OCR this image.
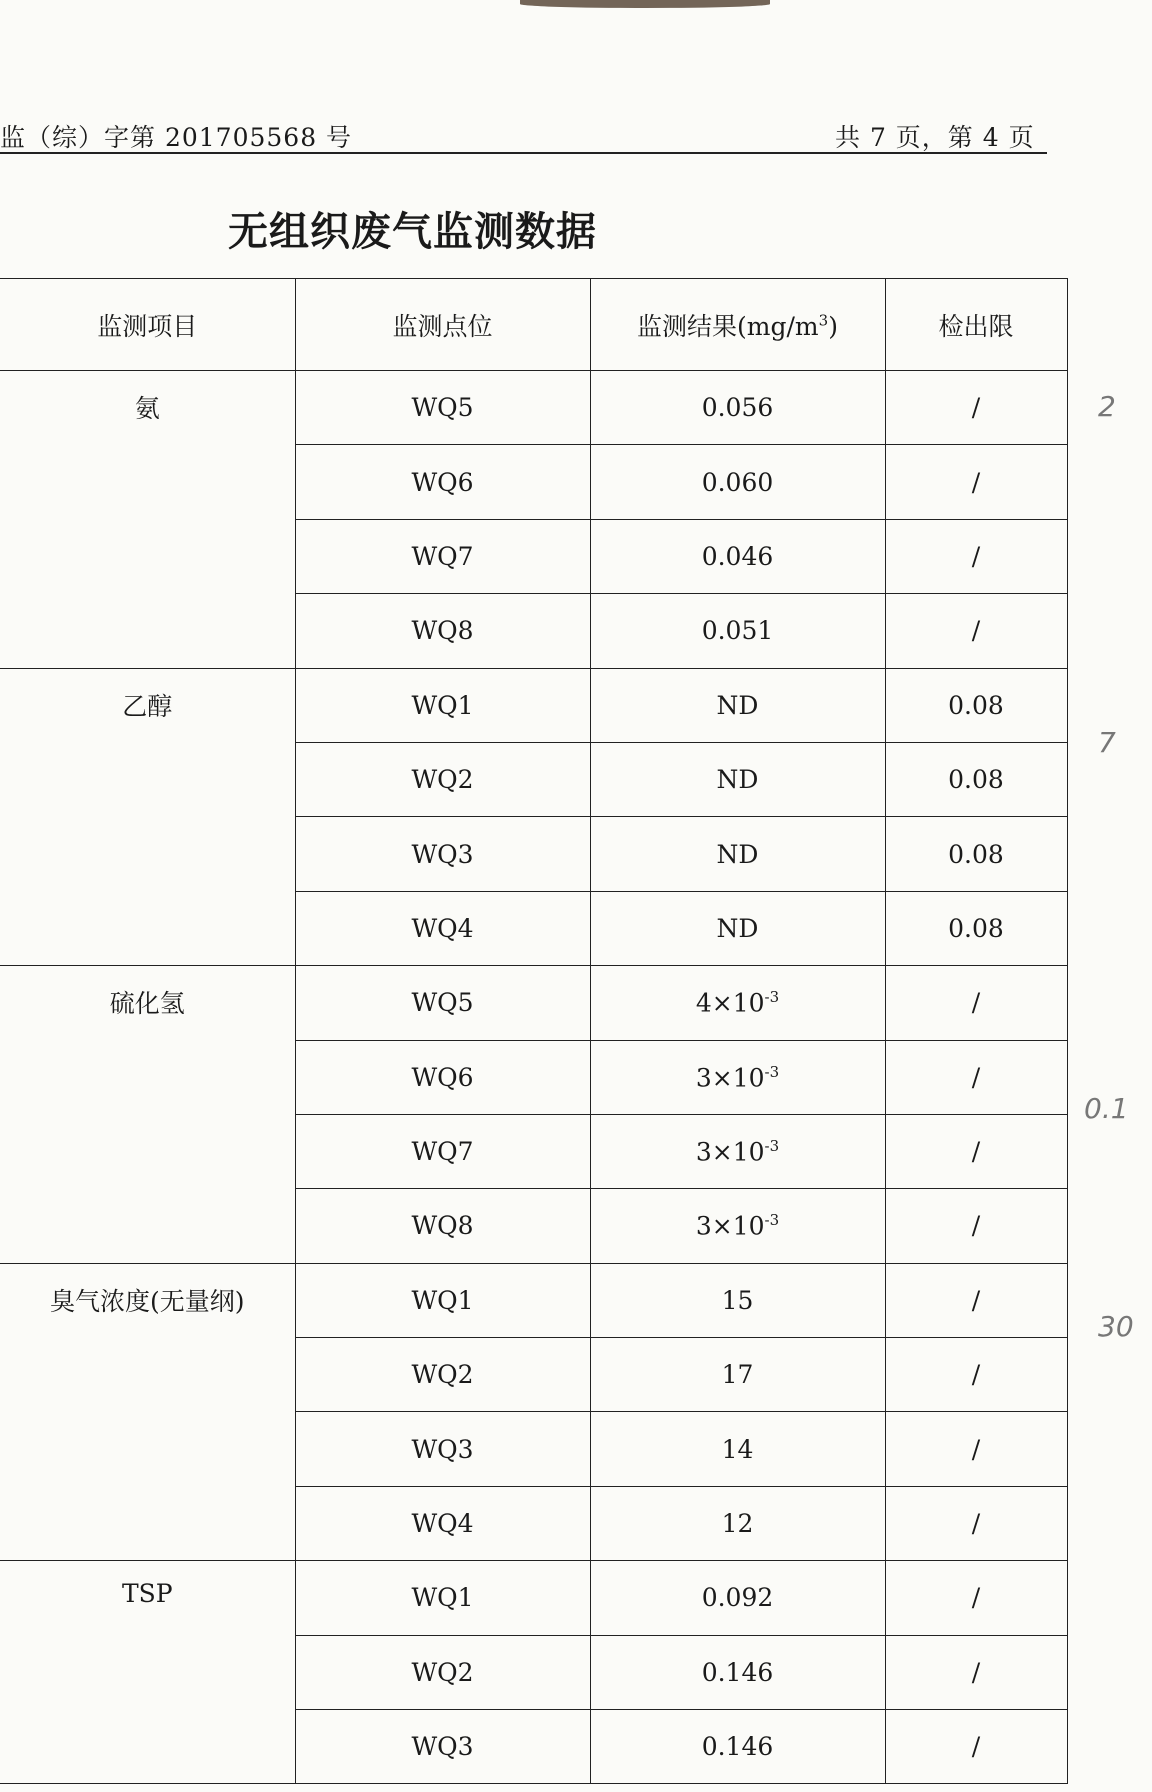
监（综）字第 201705568 号	共 7 页，第 4 页
无组织废气监测数据
监测项目	监测点位	监测结果$(mg/m^3)$	检出限
氨	WQ5	0.056	/
	WQ6	0.060	/
	WQ7	0.046	/
	WQ8	0.051	/
乙醇	WQ1	ND	0.08
	WQ2	ND	0.08
	WQ3	ND	0.08
	WQ4	ND	0.08
硫化氢	WQ5	$4\times 10^{-3}$	/
	WQ6	$3\times 10^{-3}$	/
	WQ7	$3\times 10^{-3}$	/
	WQ8	$3\times 10^{-3}$	/
臭气浓度(无量纲)	WQ1	15	/
	WQ2	17	/
	WQ3	14	/
	WQ4	12	/
TSP	WQ1	0.092	/
	WQ2	0.146	/
	WQ3	0.146	/
2
7
0.1
30
